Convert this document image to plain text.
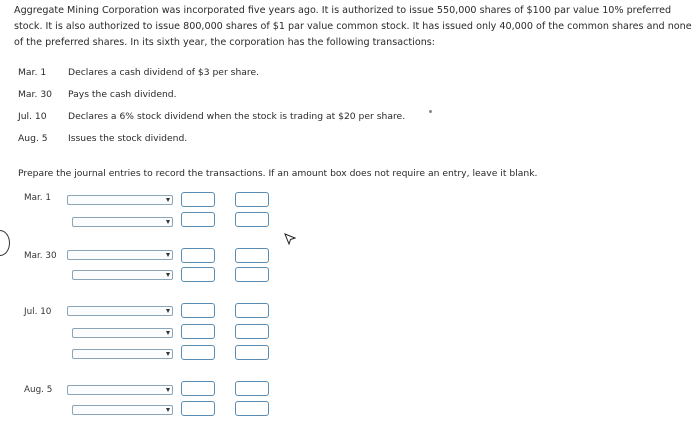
Aggregate Mining Corporation was incorporated five years ago. It is authorized to issue 550,000 shares of $100 par value 10% preferred stock. It is also authorized to issue 800,000 shares of $1 par value common stock. It has issued only 40,000 of the common shares and none of the preferred shares. In its sixth year, the corporation has the following transactions:
Mar. 1	Declares a cash dividend of $3 per share.
Mar. 30	Pays the cash dividend.
Jul. 10	Declares a 6% stock dividend when the stock is trading at $20 per share.
Aug. 5	Issues the stock dividend.
Prepare the journal entries to record the transactions. If an amount box does not require an entry, leave it blank.
Mar. 1
Mar. 30
Jul. 10
Aug. 5
